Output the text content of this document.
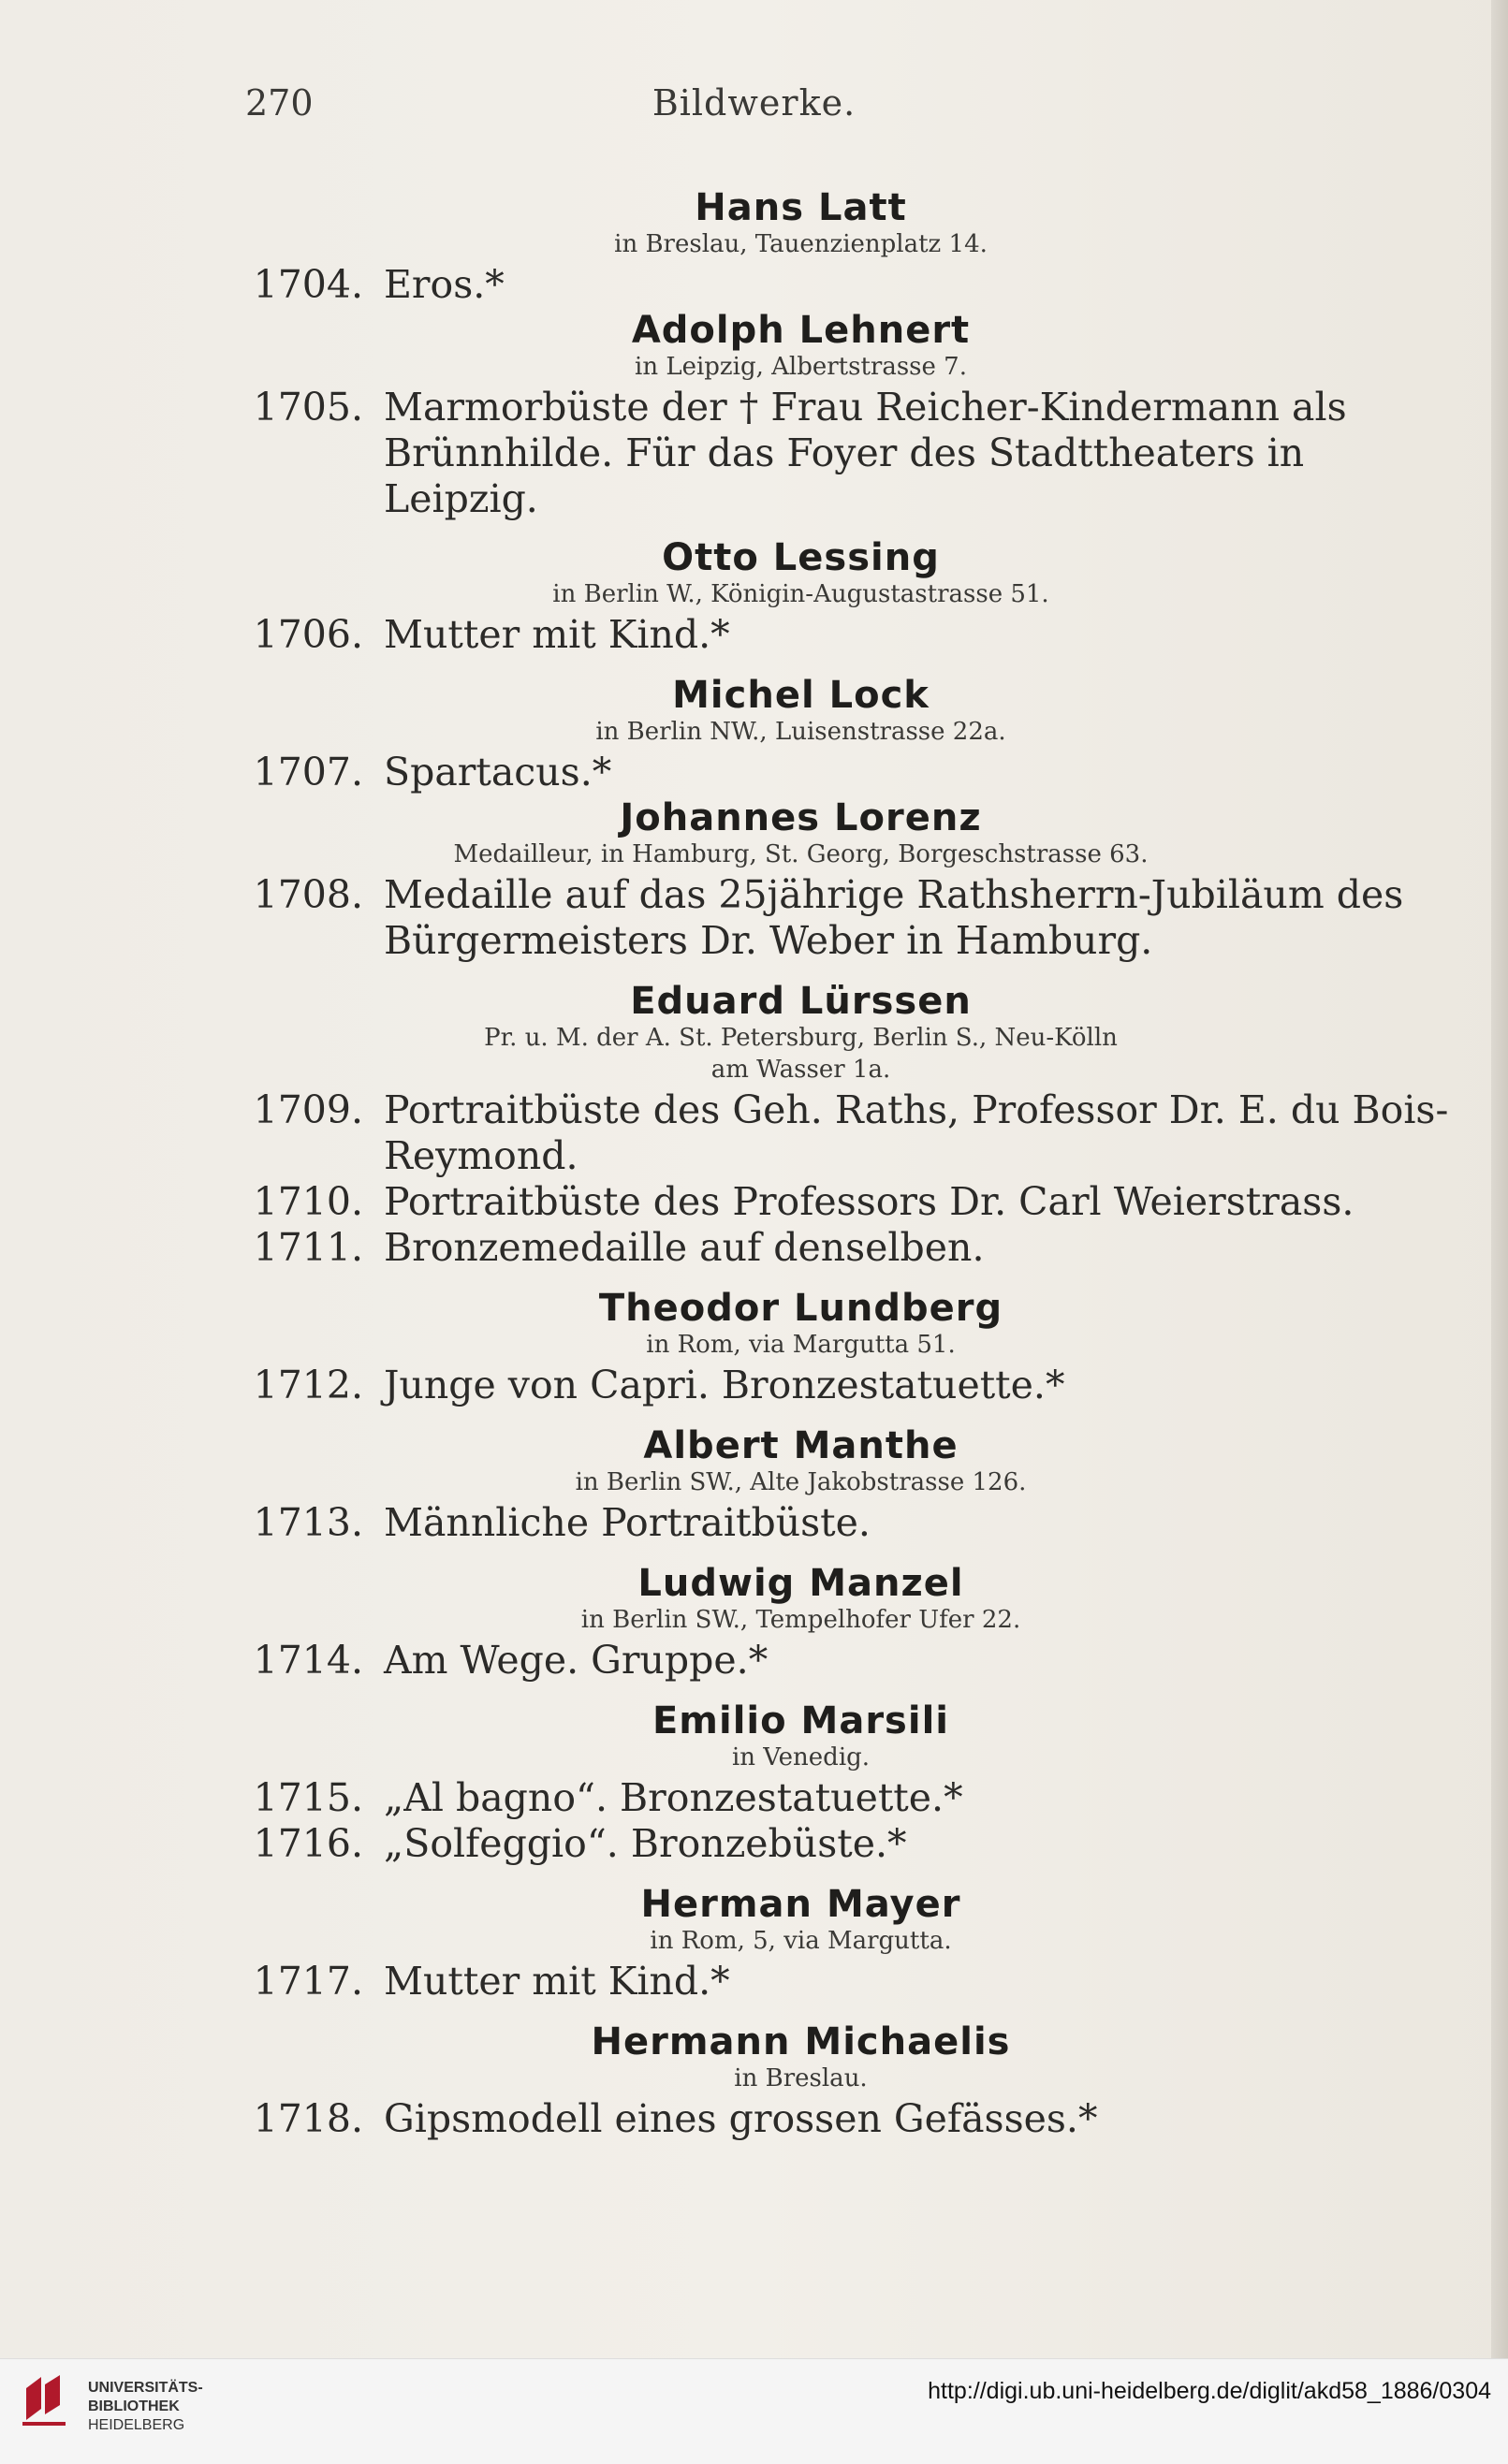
270	Bildwerke.
Hans Latt
in Breslau, Tauenzienplatz 14.
1704. Eros.*
Adolph Lehnert
in Leipzig, Albertstrasse 7.
1705. Marmorbüste der † Frau Reicher-Kindermann als Brünnhilde. Für das Foyer des Stadttheaters in Leipzig.
Otto Lessing
in Berlin W., Königin-Augustastrasse 51.
1706. Mutter mit Kind.*
Michel Lock
in Berlin NW., Luisenstrasse 22a.
1707. Spartacus.*
Johannes Lorenz
Medailleur, in Hamburg, St. Georg, Borgeschstrasse 63.
1708. Medaille auf das 25jährige Rathsherrn-Jubiläum des Bürgermeisters Dr. Weber in Hamburg.
Eduard Lürssen
Pr. u. M. der A. St. Petersburg, Berlin S., Neu-Kölln
am Wasser 1a.
1709. Portraitbüste des Geh. Raths, Professor Dr. E. du Bois-Reymond.
1710. Portraitbüste des Professors Dr. Carl Weierstrass.
1711. Bronzemedaille auf denselben.
Theodor Lundberg
in Rom, via Margutta 51.
1712. Junge von Capri. Bronzestatuette.*
Albert Manthe
in Berlin SW., Alte Jakobstrasse 126.
1713. Männliche Portraitbüste.
Ludwig Manzel
in Berlin SW., Tempelhofer Ufer 22.
1714. Am Wege. Gruppe.*
Emilio Marsili
in Venedig.
1715. „Al bagno“. Bronzestatuette.*
1716. „Solfeggio“. Bronzebüste.*
Herman Mayer
in Rom, 5, via Margutta.
1717. Mutter mit Kind.*
Hermann Michaelis
in Breslau.
1718. Gipsmodell eines grossen Gefässes.*
UNIVERSITÄTS-
BIBLIOTHEK
HEIDELBERG
http://digi.ub.uni-heidelberg.de/diglit/akd58_1886/0304
